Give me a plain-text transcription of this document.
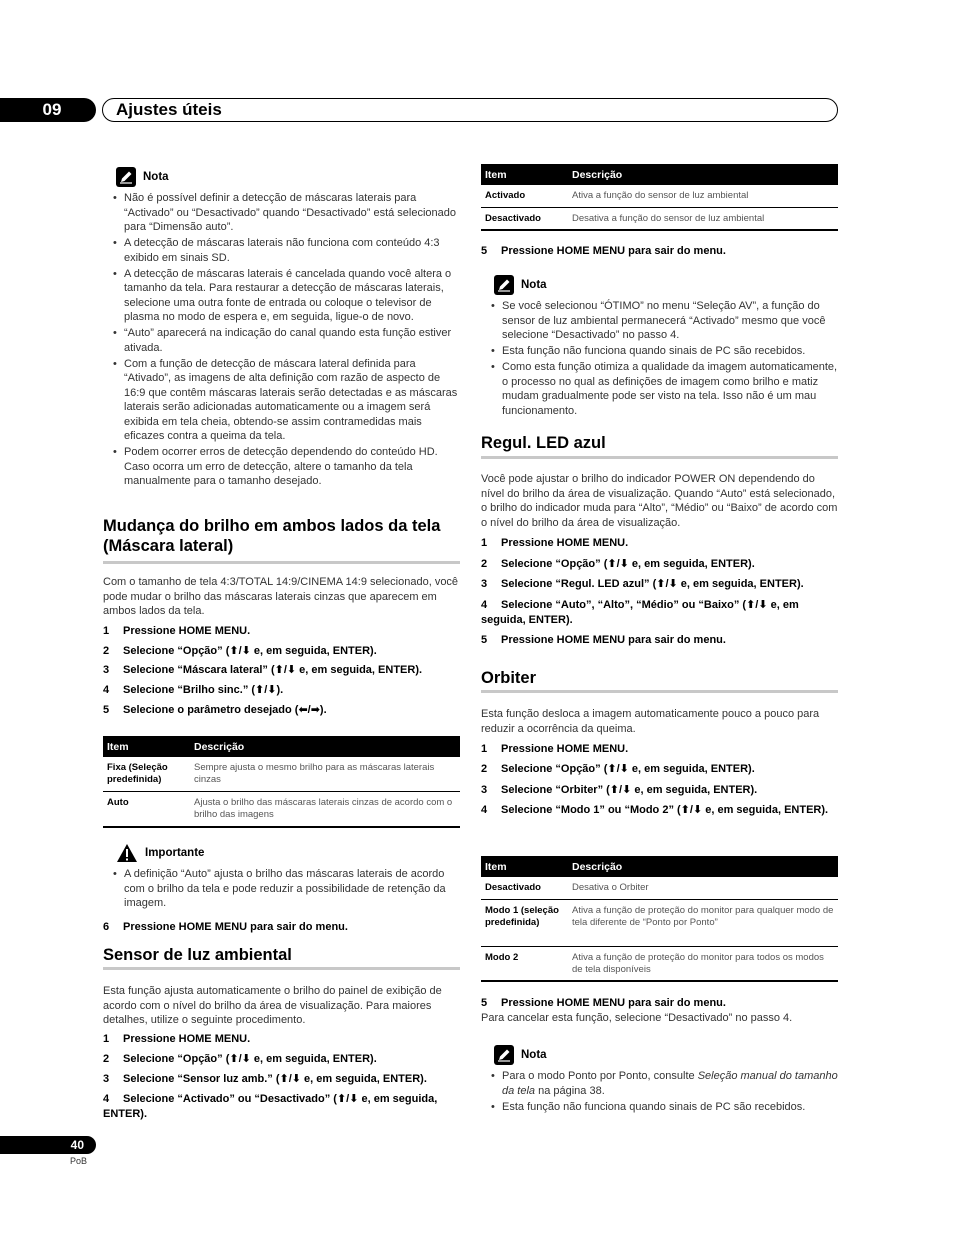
09	Ajustes úteis
Nota
• Não é possível definir a detecção de máscaras laterais para “Activado” ou “Desactivado” quando “Desactivado” está selecionado para “Dimensão auto”.
• A detecção de máscaras laterais não funciona com conteúdo 4:3 exibido em sinais SD.
• A detecção de máscaras laterais é cancelada quando você altera o tamanho da tela. Para restaurar a detecção de máscaras laterais, selecione uma outra fonte de entrada ou coloque o televisor de plasma no modo de espera e, em seguida, ligue-o de novo.
• “Auto” aparecerá na indicação do canal quando esta função estiver ativada.
• Com a função de detecção de máscara lateral definida para “Ativado”, as imagens de alta definição com razão de aspecto de 16:9 que contêm máscaras laterais serão detectadas e as máscaras laterais serão adicionadas automaticamente ou a imagem será exibida em tela cheia, obtendo-se assim contramedidas mais eficazes contra a queima da tela.
• Podem ocorrer erros de detecção dependendo do conteúdo HD. Caso ocorra um erro de detecção, altere o tamanho da tela manualmente para o tamanho desejado.
Mudança do brilho em ambos lados da tela (Máscara lateral)

Com o tamanho de tela 4:3/TOTAL 14:9/CINEMA 14:9 selecionado, você pode mudar o brilho das máscaras laterais cinzas que aparecem em ambos lados da tela.

1 Pressione HOME MENU.
2 Selecione “Opção” (⬆/⬇ e, em seguida, ENTER).
3 Selecione “Máscara lateral” (⬆/⬇ e, em seguida, ENTER).
4 Selecione “Brilho sinc.” (⬆/⬇).
5 Selecione o parâmetro desejado (⬅/➡).
Item	Descrição
Fixa (Seleção predefinida)	Sempre ajusta o mesmo brilho para as máscaras laterais cinzas
Auto	Ajusta o brilho das máscaras laterais cinzas de acordo com o brilho das imagens
Importante
• A definição “Auto” ajusta o brilho das máscaras laterais de acordo com o brilho da tela e pode reduzir a possibilidade de retenção da imagem.
6 Pressione HOME MENU para sair do menu.
Sensor de luz ambiental

Esta função ajusta automaticamente o brilho do painel de exibição de acordo com o nível do brilho da área de visualização. Para maiores detalhes, utilize o seguinte procedimento.

1 Pressione HOME MENU.
2 Selecione “Opção” (⬆/⬇ e, em seguida, ENTER).
3 Selecione “Sensor luz amb.” (⬆/⬇ e, em seguida, ENTER).
4 Selecione “Activado” ou “Desactivado” (⬆/⬇ e, em seguida, ENTER).
Item	Descrição
Activado	Ativa a função do sensor de luz ambiental
Desactivado	Desativa a função do sensor de luz ambiental
5 Pressione HOME MENU para sair do menu.
Nota
• Se você selecionou “ÓTIMO” no menu “Seleção AV”, a função do sensor de luz ambiental permanecerá “Activado” mesmo que você selecione “Desactivado” no passo 4.
• Esta função não funciona quando sinais de PC são recebidos.
• Como esta função otimiza a qualidade da imagem automaticamente, o processo no qual as definições de imagem como brilho e matiz mudam gradualmente pode ser visto na tela. Isso não é um mau funcionamento.
Regul. LED azul

Você pode ajustar o brilho do indicador POWER ON dependendo do nível do brilho da área de visualização. Quando “Auto” está selecionado, o brilho do indicador muda para “Alto”, “Médio” ou “Baixo” de acordo com o nível do brilho da área de visualização.

1 Pressione HOME MENU.
2 Selecione “Opção” (⬆/⬇ e, em seguida, ENTER).
3 Selecione “Regul. LED azul” (⬆/⬇ e, em seguida, ENTER).
4 Selecione “Auto”, “Alto”, “Médio” ou “Baixo” (⬆/⬇ e, em seguida, ENTER).
5 Pressione HOME MENU para sair do menu.
Orbiter

Esta função desloca a imagem automaticamente pouco a pouco para reduzir a ocorrência da queima.

1 Pressione HOME MENU.
2 Selecione “Opção” (⬆/⬇ e, em seguida, ENTER).
3 Selecione “Orbiter” (⬆/⬇ e, em seguida, ENTER).
4 Selecione “Modo 1” ou “Modo 2” (⬆/⬇ e, em seguida, ENTER).
Item	Descrição
Desactivado	Desativa o Orbiter
Modo 1 (seleção predefinida)	Ativa a função de proteção do monitor para qualquer modo de tela diferente de “Ponto por Ponto”
Modo 2	Ativa a função de proteção do monitor para todos os modos de tela disponíveis
5 Pressione HOME MENU para sair do menu.

Para cancelar esta função, selecione “Desactivado” no passo 4.

Nota
• Para o modo Ponto por Ponto, consulte Seleção manual do tamanho da tela na página 38.
• Esta função não funciona quando sinais de PC são recebidos.
40
PoB
